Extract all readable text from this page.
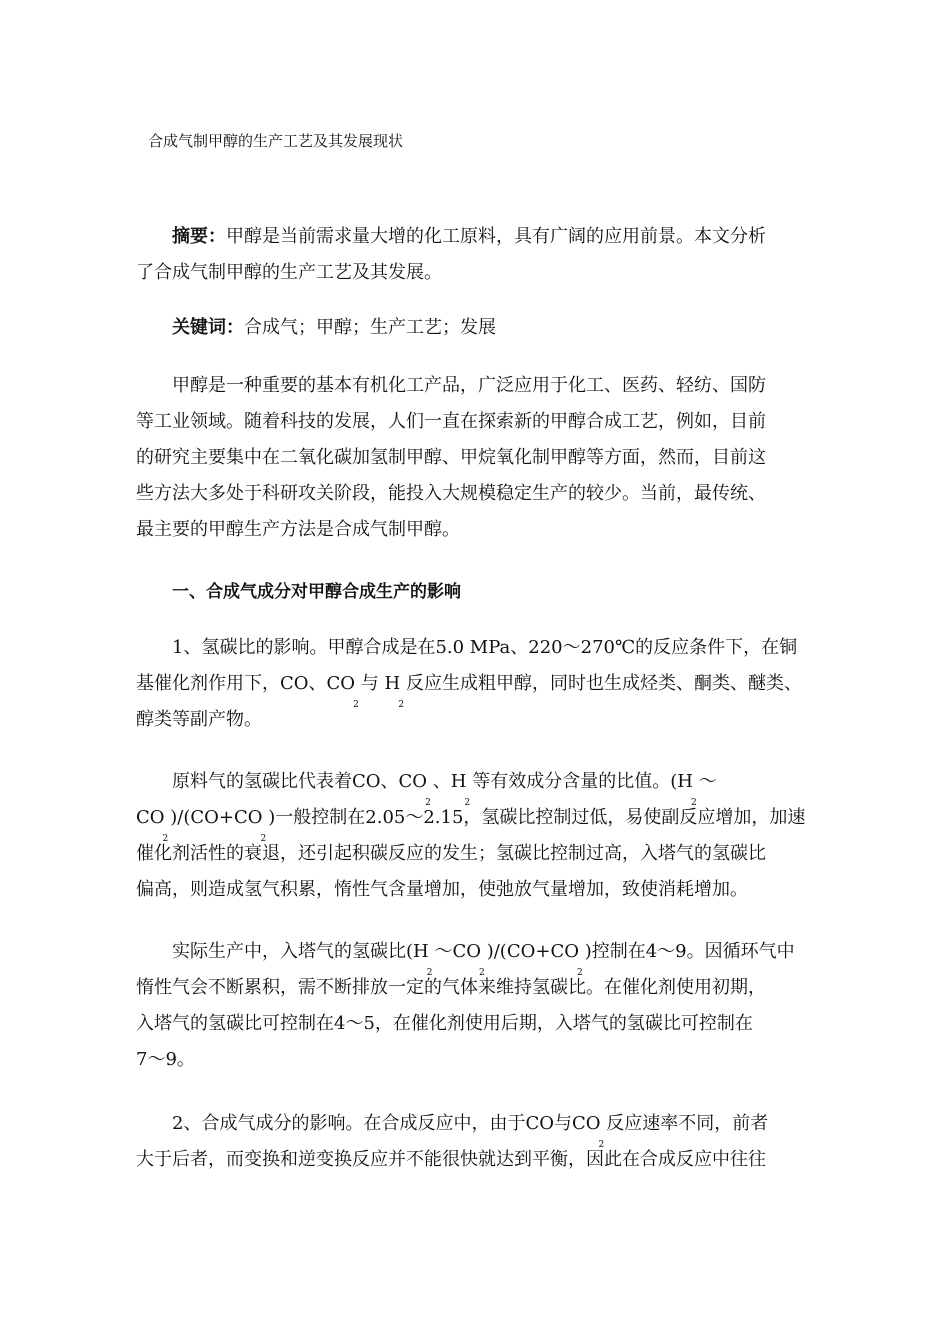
合成气制甲醇的生产工艺及其发展现状
摘要：甲醇是当前需求量大增的化工原料，具有广阔的应用前景。本文分析
了合成气制甲醇的生产工艺及其发展。
关键词：合成气；甲醇；生产工艺；发展
甲醇是一种重要的基本有机化工产品，广泛应用于化工、医药、轻纺、国防
等工业领域。随着科技的发展，人们一直在探索新的甲醇合成工艺，例如，目前
的研究主要集中在二氧化碳加氢制甲醇、甲烷氧化制甲醇等方面，然而，目前这
些方法大多处于科研攻关阶段，能投入大规模稳定生产的较少。当前，最传统、
最主要的甲醇生产方法是合成气制甲醇。
一、合成气成分对甲醇合成生产的影响
1、氢碳比的影响。甲醇合成是在5.0 MPa、220～270℃的反应条件下，在铜
基催化剂作用下，CO、$CO_2$与 $H_2$反应生成粗甲醇，同时也生成烃类、酮类、醚类、
醇类等副产物。
原料气的氢碳比代表着CO、$CO_2$、$H_2$等有效成分含量的比值。($H_2\sim$
$CO_2)/(CO+CO_2)$一般控制在2.05～2.15，氢碳比控制过低，易使副反应增加，加速
催化剂活性的衰退，还引起积碳反应的发生；氢碳比控制过高，入塔气的氢碳比
偏高，则造成氢气积累，惰性气含量增加，使弛放气量增加，致使消耗增加。
实际生产中，入塔气的氢碳比$(H_2\sim CO_2)/(CO+CO_2)$控制在4～9。因循环气中
惰性气会不断累积，需不断排放一定的气体来维持氢碳比。在催化剂使用初期，
入塔气的氢碳比可控制在4～5，在催化剂使用后期，入塔气的氢碳比可控制在
7～9。
2、合成气成分的影响。在合成反应中，由于CO与$CO_2$反应速率不同，前者
大于后者，而变换和逆变换反应并不能很快就达到平衡，因此在合成反应中往往
